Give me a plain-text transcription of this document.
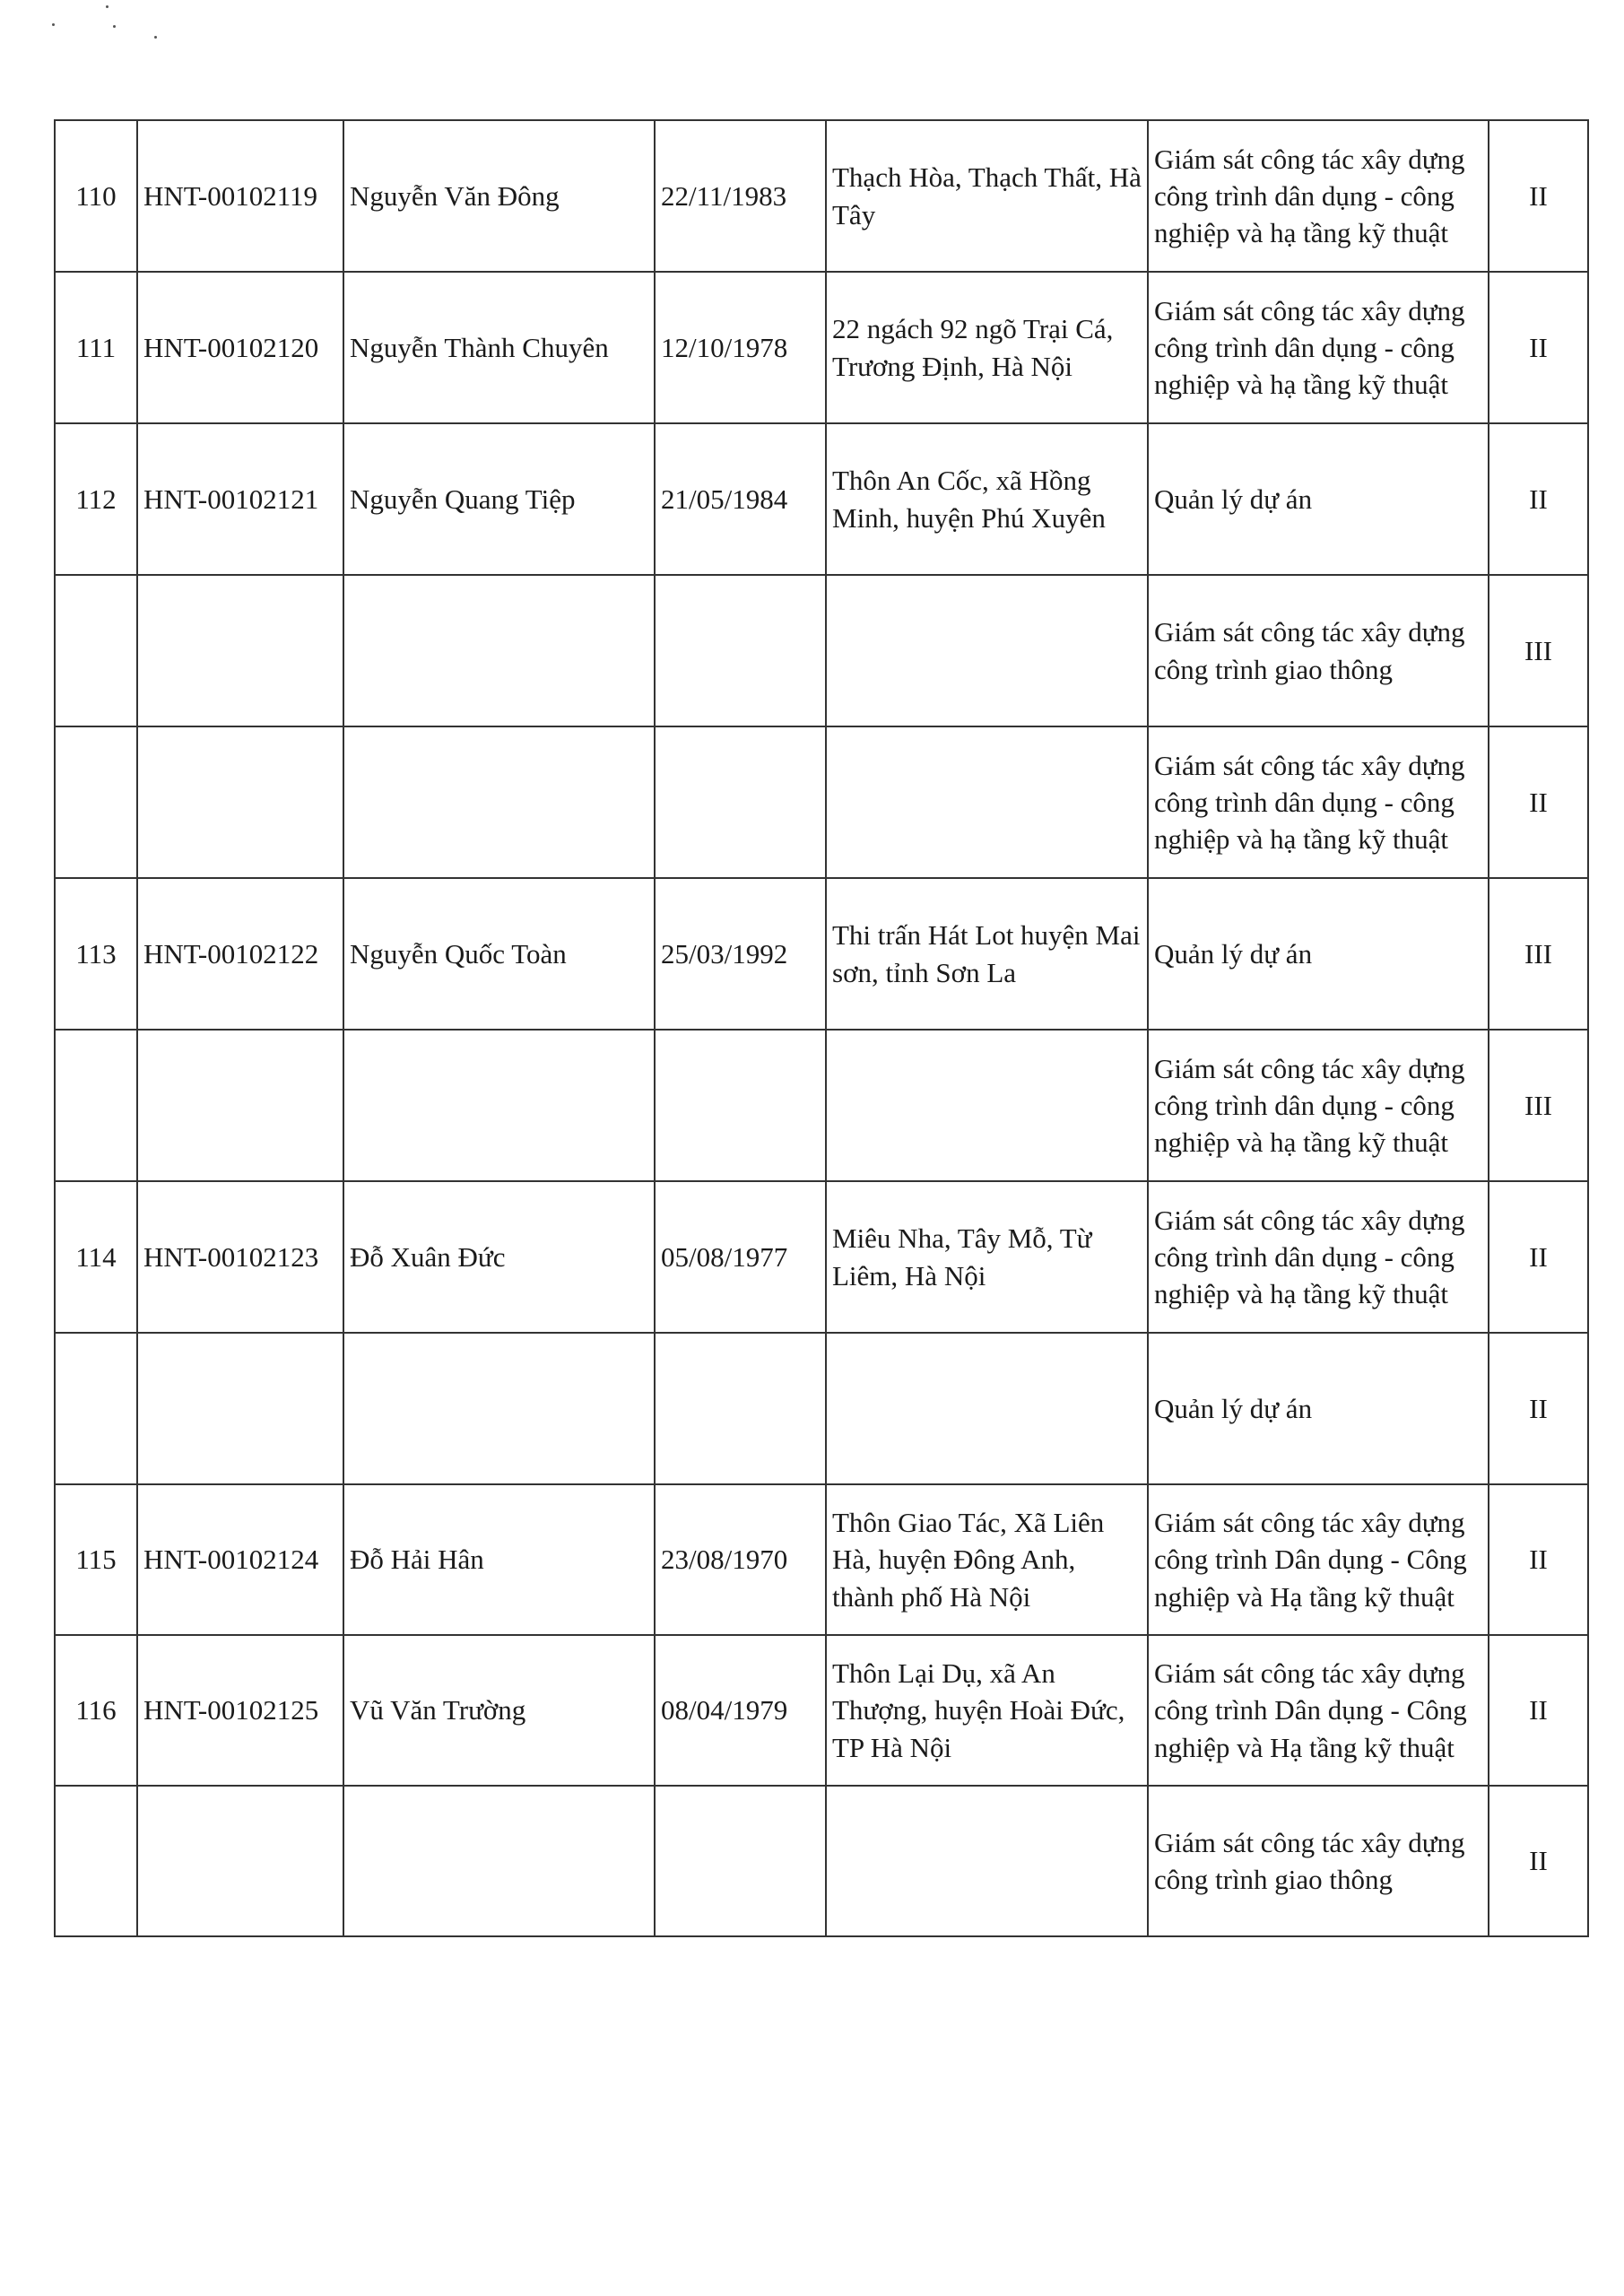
110	HNT-00102119	Nguyễn Văn Đông	22/11/1983	Thạch Hòa, Thạch Thất, Hà Tây	Giám sát công tác xây dựng công trình dân dụng - công nghiệp và hạ tầng kỹ thuật	II
111	HNT-00102120	Nguyễn Thành Chuyên	12/10/1978	22 ngách 92 ngõ Trại Cá, Trương Định, Hà Nội	Giám sát công tác xây dựng công trình dân dụng - công nghiệp và hạ tầng kỹ thuật	II
112	HNT-00102121	Nguyễn Quang Tiệp	21/05/1984	Thôn An Cốc, xã Hồng Minh, huyện Phú Xuyên	Quản lý dự án	II
					Giám sát công tác xây dựng công trình giao thông	III
					Giám sát công tác xây dựng công trình dân dụng - công nghiệp và hạ tầng kỹ thuật	II
113	HNT-00102122	Nguyễn Quốc Toàn	25/03/1992	Thi trấn Hát Lot huyện Mai sơn, tỉnh Sơn La	Quản lý dự án	III
					Giám sát công tác xây dựng công trình dân dụng - công nghiệp và hạ tầng kỹ thuật	III
114	HNT-00102123	Đỗ Xuân Đức	05/08/1977	Miêu Nha, Tây Mỗ, Từ Liêm, Hà Nội	Giám sát công tác xây dựng công trình dân dụng - công nghiệp và hạ tầng kỹ thuật	II
					Quản lý dự án	II
115	HNT-00102124	Đỗ Hải Hân	23/08/1970	Thôn Giao Tác, Xã Liên Hà, huyện Đông Anh, thành phố Hà Nội	Giám sát công tác xây dựng công trình Dân dụng - Công nghiệp và Hạ tầng kỹ thuật	II
116	HNT-00102125	Vũ Văn Trường	08/04/1979	Thôn Lại Dụ, xã An Thượng, huyện Hoài Đức, TP Hà Nội	Giám sát công tác xây dựng công trình Dân dụng - Công nghiệp và Hạ tầng kỹ thuật	II
					Giám sát công tác xây dựng công trình giao thông	II
